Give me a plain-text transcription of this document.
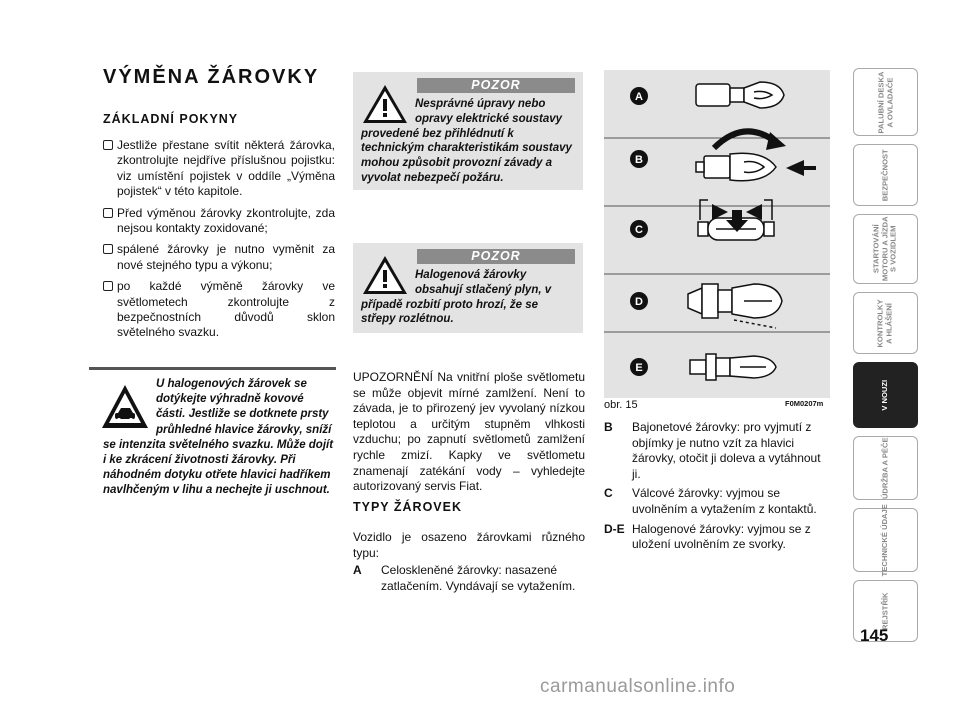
VÝMĚNA ŽÁROVKY
ZÁKLADNÍ POKYNY
Jestliže přestane svítit některá žárovka, zkontrolujte nejdříve příslušnou pojistku: viz umístění pojistek v oddíle „Výměna pojistek“ v této kapitole.
Před výměnou žárovky zkontrolujte, zda nejsou kontakty zoxidované;
spálené žárovky je nutno vyměnit za nové stejného typu a výkonu;
po každé výměně žárovky ve světlometech zkontrolujte z bezpečnostních důvodů sklon světelného svazku.
U halogenových žárovek se dotýkejte výhradně kovové části. Jestliže se dotknete prsty průhledné hlavice žárovky, sníží se intenzita světelného svazku. Může dojít i ke zkrácení životnosti žárovky. Při náhodném dotyku otřete hlavici hadříkem navlhčeným v lihu a nechejte ji uschnout.
POZOR
Nesprávné úpravy nebo opravy elektrické soustavy provedené bez přihlédnutí k technickým charakteristikám soustavy mohou způsobit provozní závady a vyvolat nebezpečí požáru.
POZOR
Halogenová žárovky obsahují stlačený plyn, v případě rozbití proto hrozí, že se střepy rozlétnou.
UPOZORNĚNÍ Na vnitřní ploše světlometu se může objevit mírné zamlžení. Není to závada, je to přirozený jev vyvolaný nízkou teplotou a určitým stupněm vlhkosti vzduchu; po zapnutí světlometů zamlžení rychle zmizí. Kapky ve světlometu znamenají zatékání vody – vyhledejte autorizovaný servis Fiat.
TYPY ŽÁROVEK
Vozidlo je osazeno žárovkami různého typu:
A	Celoskleněné žárovky: nasazené zatlačením. Vyndávají se vytažením.
A
B
C
D
E
obr. 15	F0M0207m
B	Bajonetové žárovky: pro vyjmutí z objímky je nutno vzít za hlavici žárovky, otočit ji doleva a vytáhnout ji.
C	Válcové žárovky: vyjmou se uvolněním a vytažením z kontaktů.
D-E Halogenové žárovky: vyjmou se z uložení uvolněním ze svorky.
PALUBNÍ DESKA
A OVLADAČE
BEZPEČNOST
STARTOVÁNÍ
MOTORU A JÍZDA
S VOZIDLEM
KONTROLKY
A HLÁŠENÍ
V NOUZI
ÚDRŽBA A PÉČE
TECHNICKÉ ÚDAJE
REJSTŘÍK
145
carmanualsonline.info
